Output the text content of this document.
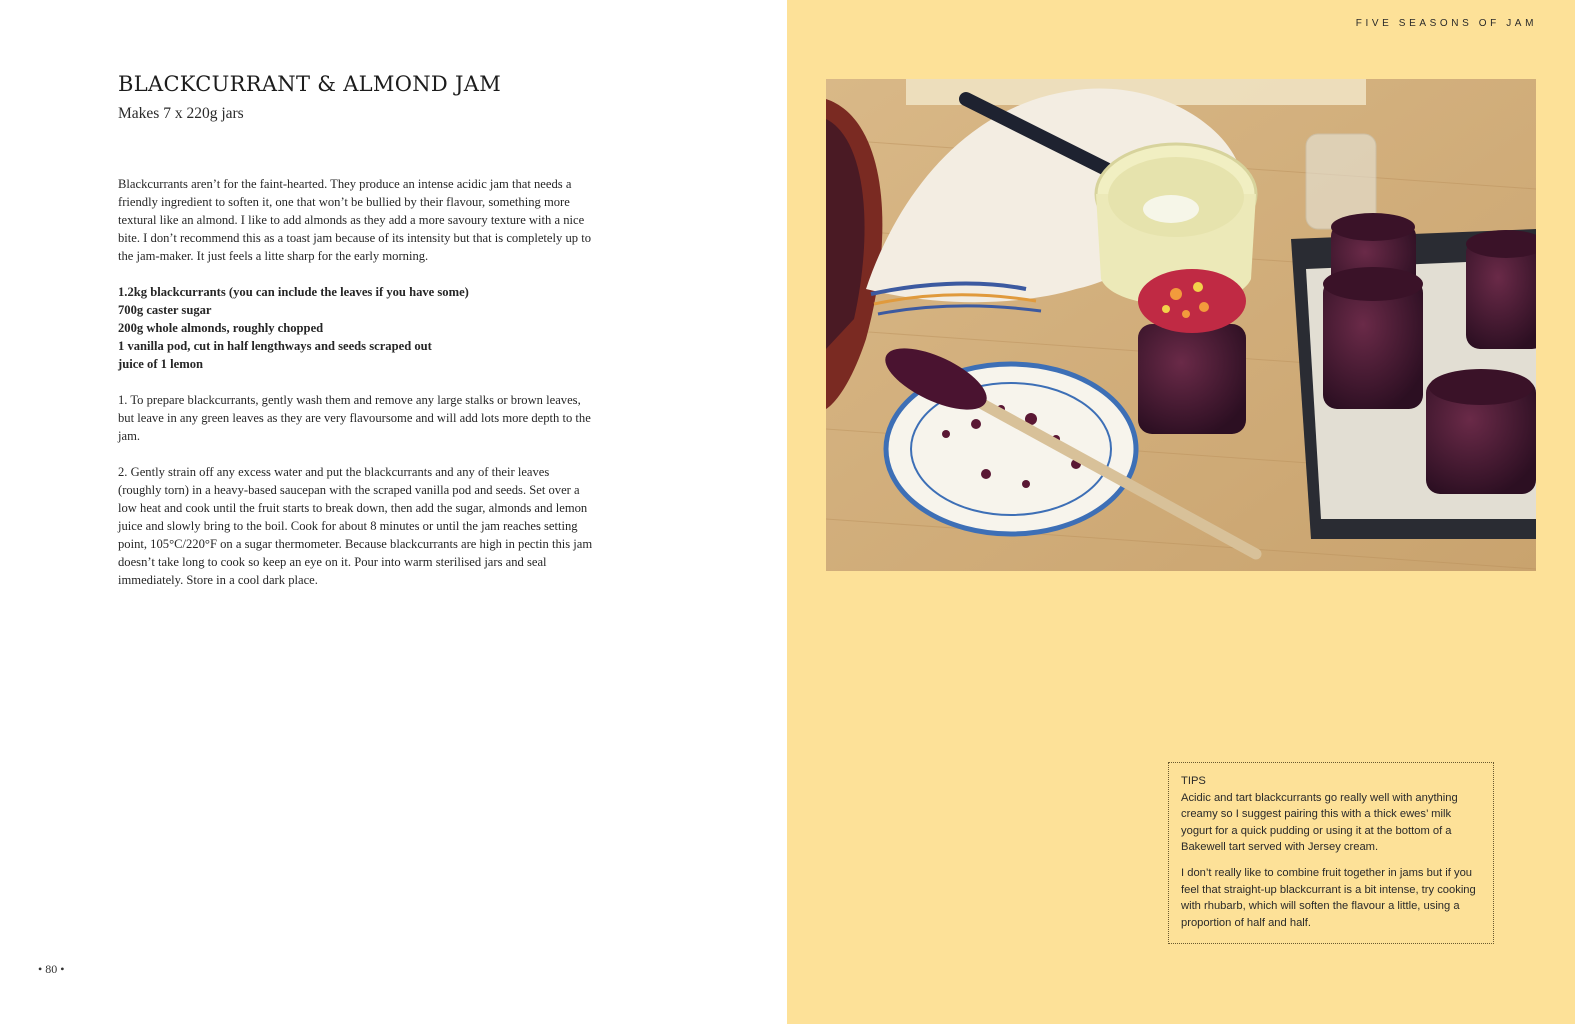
BLACKCURRANT & ALMOND JAM

Makes 7 x 220g jars

Blackcurrants aren’t for the faint-hearted. They produce an intense acidic jam that needs a friendly ingredient to soften it, one that won’t be bullied by their flavour, something more textural like an almond. I like to add almonds as they add a more savoury texture with a nice bite. I don’t recommend this as a toast jam because of its intensity but that is completely up to the jam-maker. It just feels a litte sharp for the early morning.

1.2kg blackcurrants (you can include the leaves if you have some)
700g caster sugar
200g whole almonds, roughly chopped
1 vanilla pod, cut in half lengthways and seeds scraped out
juice of 1 lemon

1. To prepare blackcurrants, gently wash them and remove any large stalks or brown leaves, but leave in any green leaves as they are very flavoursome and will add lots more depth to the jam.

2. Gently strain off any excess water and put the blackcurrants and any of their leaves (roughly torn) in a heavy-based saucepan with the scraped vanilla pod and seeds. Set over a low heat and cook until the fruit starts to break down, then add the sugar, almonds and lemon juice and slowly bring to the boil. Cook for about 8 minutes or until the jam reaches setting point, 105°C/220°F on a sugar thermometer. Because blackcurrants are high in pectin this jam doesn’t take long to cook so keep an eye on it. Pour into warm sterilised jars and seal immediately. Store in a cool dark place.

• 80 •
FIVE SEASONS OF JAM

TIPS

Acidic and tart blackcurrants go really well with anything creamy so I suggest pairing this with a thick ewes’ milk yogurt for a quick pudding or using it at the bottom of a Bakewell tart served with Jersey cream.

I don’t really like to combine fruit together in jams but if you feel that straight-up blackcurrant is a bit intense, try cooking with rhubarb, which will soften the flavour a little, using a proportion of half and half.
